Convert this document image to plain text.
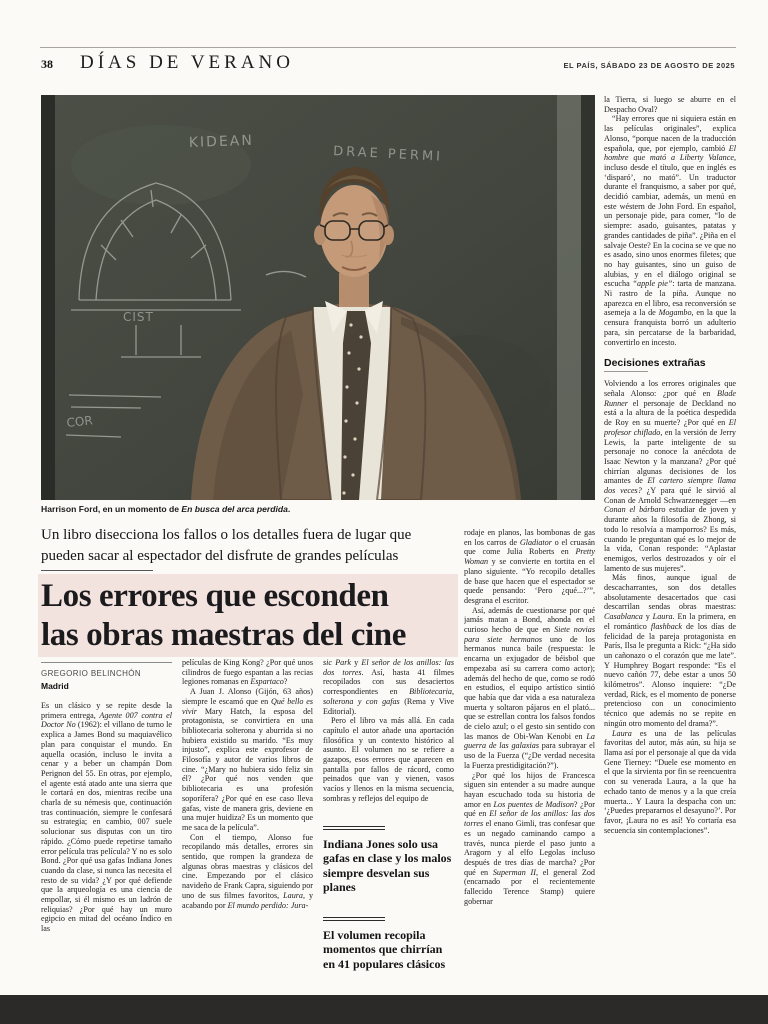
38 DÍAS DE VERANO	EL PAÍS, SÁBADO 23 DE AGOSTO DE 2025
KIDEAN
DRAE PERMI
CIST
COR
Harrison Ford, en un momento de En busca del arca perdida.
Un libro disecciona los fallos o los detalles fuera de lugar que pueden sacar al espectador del disfrute de grandes películas
Los errores que esconden
las obras maestras del cine
GREGORIO BELINCHÓN
Madrid

Es un clásico y se repite desde la primera entrega, Agente 007 contra el Doctor No (1962): el villano de turno le explica a James Bond su maquiavélico plan para conquistar el mundo. En aquella ocasión, incluso le invita a cenar y a beber un champán Dom Perignon del 55. En otras, por ejemplo, el agente está atado ante una sierra que le cortará en dos, mientras recibe una charla de su némesis que, continuación tras continuación, siempre le confesará su estrategia; en cambio, 007 suele solucionar sus disputas con un tiro rápido. ¿Cómo puede repetirse tamaño error película tras película? Y no es solo Bond. ¿Por qué usa gafas Indiana Jones cuando da clase, si nunca las necesita el resto de su vida? ¿Y por qué defiende que la arqueología es una ciencia de empollar, si él mismo es un ladrón de reliquias? ¿Por qué hay un muro egipcio en mitad del océano Índico en las

películas de King Kong? ¿Por qué unos cilindros de fuego espantan a las recias legiones romanas en Espartaco?

A Juan J. Alonso (Gijón, 63 años) siempre le escamó que en Qué bello es vivir Mary Hatch, la esposa del protagonista, se convirtiera en una bibliotecaria solterona y aburrida si no hubiera existido su marido. “Es muy injusto”, explica este exprofesor de Filosofía y autor de varios libros de cine. “¿Mary no hubiera sido feliz sin él? ¿Por qué nos venden que bibliotecaria es una profesión soporífera? ¿Por qué en ese caso lleva gafas, viste de manera gris, deviene en una mujer huidiza? Es un momento que me saca de la película”.

Con el tiempo, Alonso fue recopilando más detalles, errores sin sentido, que rompen la grandeza de algunas obras maestras y clásicos del cine. Empezando por el clásico navideño de Frank Capra, siguiendo por uno de sus filmes favoritos, Laura, y acabando por El mundo perdido: Jura-

sic Park y El señor de los anillos: las dos torres. Así, hasta 41 filmes recopilados con sus desaciertos correspondientes en Bibliotecaria, solterona y con gafas (Rema y Vive Editorial).

Pero el libro va más allá. En cada capítulo el autor añade una aportación filosófica y un contexto histórico al asunto. El volumen no se refiere a gazapos, esos errores que aparecen en pantalla por fallos de rácord, como peinados que van y vienen, vasos vacíos y llenos en la misma secuencia, sombras y reflejos del equipo de

Indiana Jones solo usa gafas en clase y los malos siempre desvelan sus planes
El volumen recopila momentos que chirrían en 41 populares clásicos

rodaje en planos, las bombonas de gas en los carros de Gladiator o el cruasán que come Julia Roberts en Pretty Woman y se convierte en tortita en el plano siguiente. “Yo recopilo detalles de base que hacen que el espectador se quede pensando: ‘Pero ¿qué...?’”, desgrana el escritor.

Así, además de cuestionarse por qué jamás matan a Bond, ahonda en el curioso hecho de que en Siete novias para siete hermanos uno de los hermanos nunca baile (respuesta: le encarna un exjugador de béisbol que empezaba así su carrera como actor); además del hecho de que, como se rodó en estudios, el equipo artístico sintió que había que dar vida a esa naturaleza muerta y soltaron pájaros en el plató... que se estrellan contra los falsos fondos de cielo azul; o el gesto sin sentido con las manos de Obi-Wan Kenobi en La guerra de las galaxias para subrayar el uso de la Fuerza (“¿De verdad necesita la Fuerza prestidigitación?”).

¿Por qué los hijos de Francesca siguen sin entender a su madre aunque hayan escuchado toda su historia de amor en Los puentes de Madison? ¿Por qué en El señor de los anillos: las dos torres el enano Gimli, tras confesar que es un negado caminando campo a través, nunca pierde el paso junto a Aragorn y al elfo Legolas incluso después de tres días de marcha? ¿Por qué en Superman II, el general Zod (encarnado por el recientemente fallecido Terence Stamp) quiere gobernar

la Tierra, si luego se aburre en el Despacho Oval?

“Hay errores que ni siquiera están en las películas originales”, explica Alonso, “porque nacen de la traducción española, que, por ejemplo, cambió El hombre que mató a Liberty Valance, incluso desde el título, que en inglés es ‘disparó’, no mató”. Un traductor durante el franquismo, a saber por qué, decidió cambiar, además, un menú en este wéstern de John Ford. En español, un personaje pide, para comer, “lo de siempre: asado, guisantes, patatas y grandes cantidades de piña”. ¿Piña en el salvaje Oeste? En la cocina se ve que no es asado, sino unos enormes filetes; que no hay guisantes, sino un guiso de alubias, y en el diálogo original se escucha “apple pie”: tarta de manzana. Ni rastro de la piña. Aunque no aparezca en el libro, esa reconversión se asemeja a la de Mogambo, en la que la censura franquista borró un adulterio para, sin percatarse de la barbaridad, convertirlo en incesto.

Decisiones extrañas

Volviendo a los errores originales que señala Alonso: ¿por qué en Blade Runner el personaje de Deckland no está a la altura de la poética despedida de Roy en su muerte? ¿Por qué en El profesor chiflado, en la versión de Jerry Lewis, la parte inteligente de su personaje no conoce la anécdota de Isaac Newton y la manzana? ¿Por qué chirrían algunas decisiones de los amantes de El cartero siempre llama dos veces? ¿Y para qué le sirvió al Conan de Arnold Schwarzenegger —en Conan el bárbaro estudiar de joven y durante años la filosofía de Zhong, si todo lo resolvía a mamporros? Es más, cuando le preguntan qué es lo mejor de la vida, Conan responde: “Aplastar enemigos, verlos destrozados y oír el lamento de sus mujeres”.

Más finos, aunque igual de descacharrantes, son dos detalles absolutamente desacertados que casi descarrilan sendas obras maestras: Casablanca y Laura. En la primera, en el romántico flashback de los días de felicidad de la pareja protagonista en París, Ilsa le pregunta a Rick: “¿Ha sido un cañonazo o el corazón que me late”. Y Humphrey Bogart responde: “Es el nuevo cañón 77, debe estar a unos 50 kilómetros”. Alonso inquiere: “¿De verdad, Rick, es el momento de ponerse pretencioso con un conocimiento técnico que además no se repite en ningún otro momento del drama?”.

Laura es una de las películas favoritas del autor, más aún, su hija se llama así por el personaje al que da vida Gene Tierney: “Duele ese momento en el que la sirvienta por fin se reencuentra con su venerada Laura, a la que ha echado tanto de menos y a la que creía muerta... Y Laura la despacha con un: ‘¿Puedes prepararnos el desayuno?’. Por favor, ¡Laura no es así! Yo cortaría esa secuencia sin contemplaciones”.
